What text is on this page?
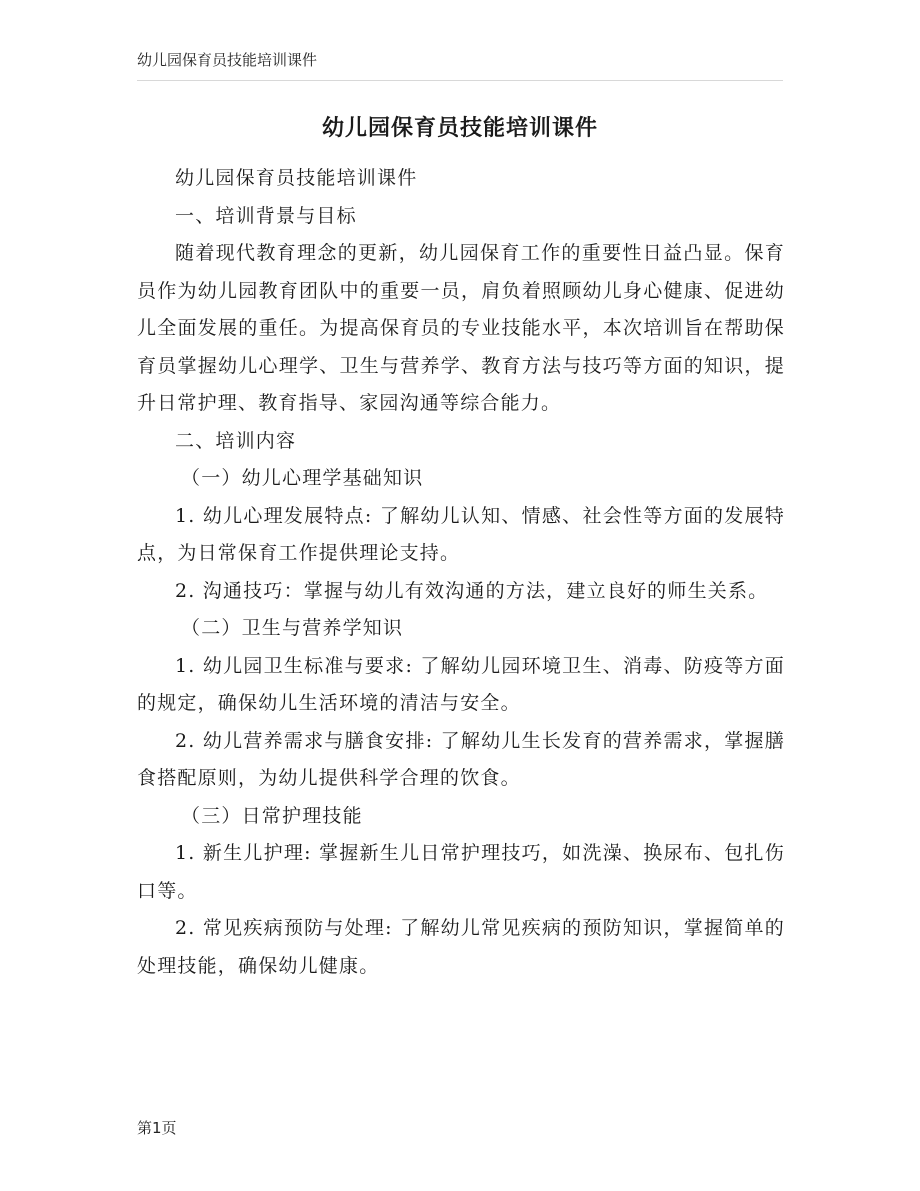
幼儿园保育员技能培训课件
幼儿园保育员技能培训课件

幼儿园保育员技能培训课件

一、培训背景与目标

随着现代教育理念的更新，幼儿园保育工作的重要性日益凸显。保育员作为幼儿园教育团队中的重要一员，肩负着照顾幼儿身心健康、促进幼儿全面发展的重任。为提高保育员的专业技能水平，本次培训旨在帮助保育员掌握幼儿心理学、卫生与营养学、教育方法与技巧等方面的知识，提升日常护理、教育指导、家园沟通等综合能力。

二、培训内容

（一）幼儿心理学基础知识

1. 幼儿心理发展特点: 了解幼儿认知、情感、社会性等方面的发展特点，为日常保育工作提供理论支持。

2. 沟通技巧：掌握与幼儿有效沟通的方法，建立良好的师生关系。

（二）卫生与营养学知识

1. 幼儿园卫生标准与要求: 了解幼儿园环境卫生、消毒、防疫等方面的规定，确保幼儿生活环境的清洁与安全。

2. 幼儿营养需求与膳食安排: 了解幼儿生长发育的营养需求，掌握膳食搭配原则，为幼儿提供科学合理的饮食。

（三）日常护理技能

1. 新生儿护理: 掌握新生儿日常护理技巧，如洗澡、换尿布、包扎伤口等。

2. 常见疾病预防与处理: 了解幼儿常见疾病的预防知识，掌握简单的处理技能，确保幼儿健康。

第1页
